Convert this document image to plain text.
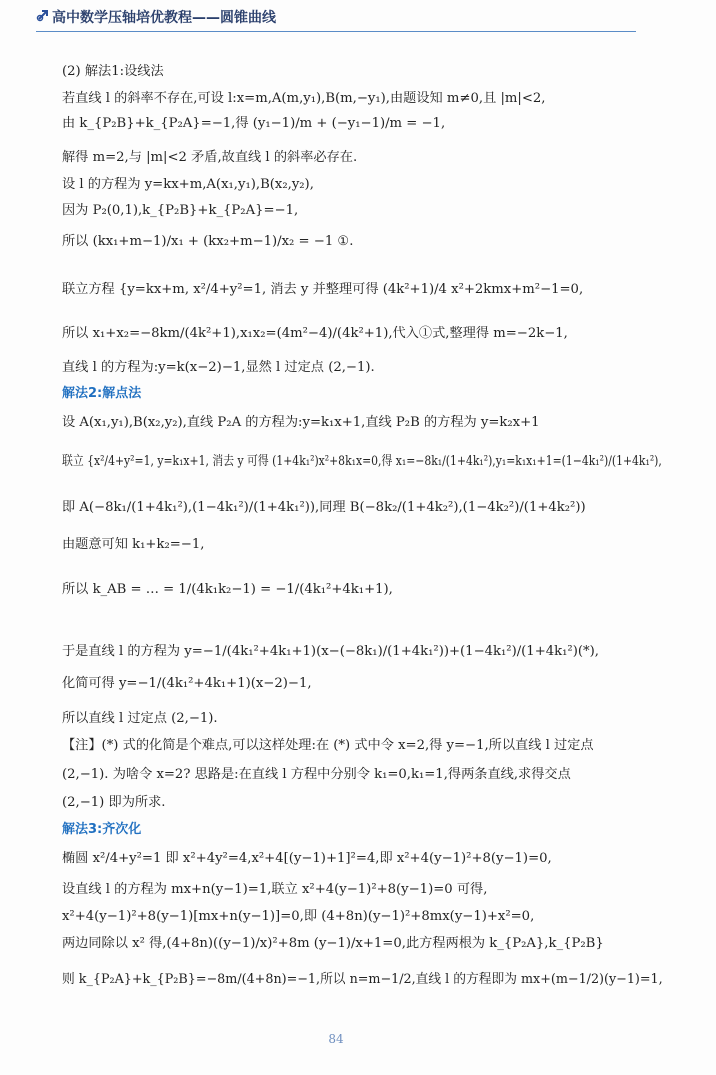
高中数学压轴培优教程——圆锥曲线
(2) 解法1:设线法
若直线 l 的斜率不存在,可设 l:x=m,A(m,y₁),B(m,−y₁),由题设知 m≠0,且 |m|<2,
由 k_{P₂B}+k_{P₂A}=−1,得 (y₁−1)/m + (−y₁−1)/m = −1,
解得 m=2,与 |m|<2 矛盾,故直线 l 的斜率必存在.
设 l 的方程为 y=kx+m,A(x₁,y₁),B(x₂,y₂),
因为 P₂(0,1),k_{P₂B}+k_{P₂A}=−1,
所以 (kx₁+m−1)/x₁ + (kx₂+m−1)/x₂ = −1 ①.
联立方程 {y=kx+m, x²/4+y²=1, 消去 y 并整理可得 (4k²+1)/4 x²+2kmx+m²−1=0,
所以 x₁+x₂=−8km/(4k²+1),x₁x₂=(4m²−4)/(4k²+1),代入①式,整理得 m=−2k−1,
直线 l 的方程为:y=k(x−2)−1,显然 l 过定点 (2,−1).
解法2:解点法
设 A(x₁,y₁),B(x₂,y₂),直线 P₂A 的方程为:y=k₁x+1,直线 P₂B 的方程为 y=k₂x+1
联立 {x²/4+y²=1, y=k₁x+1, 消去 y 可得 (1+4k₁²)x²+8k₁x=0,得 x₁=−8k₁/(1+4k₁²),y₁=k₁x₁+1=(1−4k₁²)/(1+4k₁²),
即 A(−8k₁/(1+4k₁²),(1−4k₁²)/(1+4k₁²)),同理 B(−8k₂/(1+4k₂²),(1−4k₂²)/(1+4k₂²))
由题意可知 k₁+k₂=−1,
所以 k_AB = … = 1/(4k₁k₂−1) = −1/(4k₁²+4k₁+1),
于是直线 l 的方程为 y=−1/(4k₁²+4k₁+1)(x−(−8k₁)/(1+4k₁²))+(1−4k₁²)/(1+4k₁²)(*),
化简可得 y=−1/(4k₁²+4k₁+1)(x−2)−1,
所以直线 l 过定点 (2,−1).
【注】(*) 式的化简是个难点,可以这样处理:在 (*) 式中令 x=2,得 y=−1,所以直线 l 过定点
(2,−1). 为啥令 x=2? 思路是:在直线 l 方程中分别令 k₁=0,k₁=1,得两条直线,求得交点
(2,−1) 即为所求.
解法3:齐次化
椭圆 x²/4+y²=1 即 x²+4y²=4,x²+4[(y−1)+1]²=4,即 x²+4(y−1)²+8(y−1)=0,
设直线 l 的方程为 mx+n(y−1)=1,联立 x²+4(y−1)²+8(y−1)=0 可得,
x²+4(y−1)²+8(y−1)[mx+n(y−1)]=0,即 (4+8n)(y−1)²+8mx(y−1)+x²=0,
两边同除以 x² 得,(4+8n)((y−1)/x)²+8m (y−1)/x+1=0,此方程两根为 k_{P₂A},k_{P₂B}
则 k_{P₂A}+k_{P₂B}=−8m/(4+8n)=−1,所以 n=m−1/2,直线 l 的方程即为 mx+(m−1/2)(y−1)=1,
84
